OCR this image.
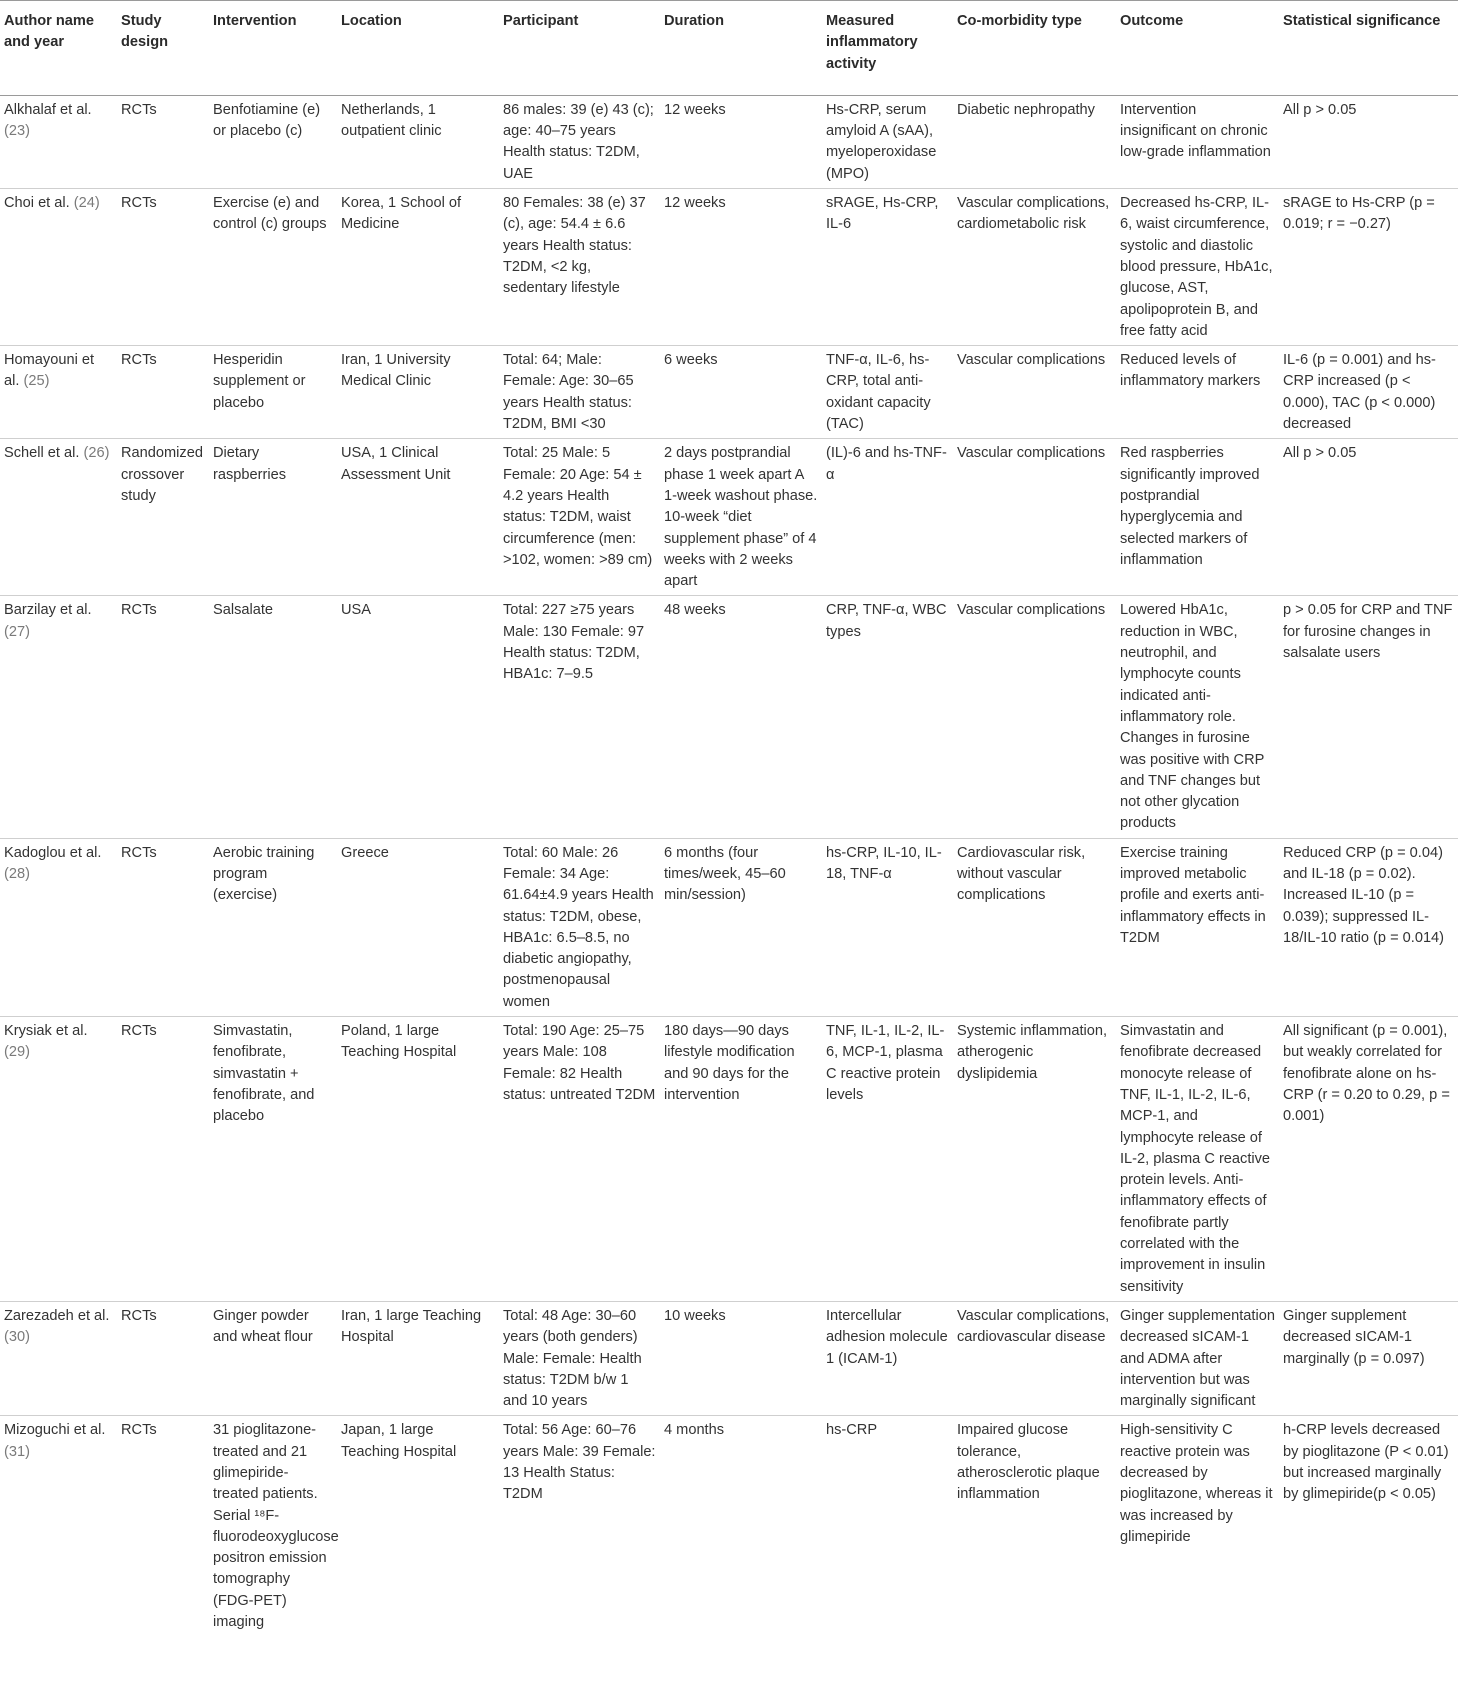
Author name and year	Study design	Intervention	Location	Participant	Duration	Measured inflammatory activity	Co-morbidity type	Outcome	Statistical significance
Alkhalaf et al. (23)	RCTs	Benfotiamine (e) or placebo (c)	Netherlands, 1 outpatient clinic	86 males: 39 (e) 43 (c); age: 40–75 years Health status: T2DM, UAE	12 weeks	Hs-CRP, serum amyloid A (sAA), myeloperoxidase (MPO)	Diabetic nephropathy	Intervention insignificant on chronic low-grade inflammation	All p > 0.05
Choi et al. (24)	RCTs	Exercise (e) and control (c) groups	Korea, 1 School of Medicine	80 Females: 38 (e) 37 (c), age: 54.4 ± 6.6 years Health status: T2DM, <2 kg, sedentary lifestyle	12 weeks	sRAGE, Hs-CRP, IL-6	Vascular complications, cardiometabolic risk	Decreased hs-CRP, IL-6, waist circumference, systolic and diastolic blood pressure, HbA1c, glucose, AST, apolipoprotein B, and free fatty acid	sRAGE to Hs-CRP (p = 0.019; r = −0.27)
Homayouni et al. (25)	RCTs	Hesperidin supplement or placebo	Iran, 1 University Medical Clinic	Total: 64; Male: Female: Age: 30–65 years Health status: T2DM, BMI <30	6 weeks	TNF-α, IL-6, hs-CRP, total anti-oxidant capacity (TAC)	Vascular complications	Reduced levels of inflammatory markers	IL-6 (p = 0.001) and hs-CRP increased (p < 0.000), TAC (p < 0.000) decreased
Schell et al. (26)	Randomized crossover study	Dietary raspberries	USA, 1 Clinical Assessment Unit	Total: 25 Male: 5 Female: 20 Age: 54 ± 4.2 years Health status: T2DM, waist circumference (men: >102, women: >89 cm)	2 days postprandial phase 1 week apart A 1-week washout phase. 10-week “diet supplement phase” of 4 weeks with 2 weeks apart	(IL)-6 and hs-TNF-α	Vascular complications	Red raspberries significantly improved postprandial hyperglycemia and selected markers of inflammation	All p > 0.05
Barzilay et al. (27)	RCTs	Salsalate	USA	Total: 227 ≥75 years Male: 130 Female: 97 Health status: T2DM, HBA1c: 7–9.5	48 weeks	CRP, TNF-α, WBC types	Vascular complications	Lowered HbA1c, reduction in WBC, neutrophil, and lymphocyte counts indicated anti-inflammatory role. Changes in furosine was positive with CRP and TNF changes but not other glycation products	p > 0.05 for CRP and TNF for furosine changes in salsalate users
Kadoglou et al. (28)	RCTs	Aerobic training program (exercise)	Greece	Total: 60 Male: 26 Female: 34 Age: 61.64±4.9 years Health status: T2DM, obese, HBA1c: 6.5–8.5, no diabetic angiopathy, postmenopausal women	6 months (four times/week, 45–60 min/session)	hs-CRP, IL-10, IL-18, TNF-α	Cardiovascular risk, without vascular complications	Exercise training improved metabolic profile and exerts anti-inflammatory effects in T2DM	Reduced CRP (p = 0.04) and IL-18 (p = 0.02). Increased IL-10 (p = 0.039); suppressed IL-18/IL-10 ratio (p = 0.014)
Krysiak et al. (29)	RCTs	Simvastatin, fenofibrate, simvastatin + fenofibrate, and placebo	Poland, 1 large Teaching Hospital	Total: 190 Age: 25–75 years Male: 108 Female: 82 Health status: untreated T2DM	180 days—90 days lifestyle modification and 90 days for the intervention	TNF, IL-1, IL-2, IL-6, MCP-1, plasma C reactive protein levels	Systemic inflammation, atherogenic dyslipidemia	Simvastatin and fenofibrate decreased monocyte release of TNF, IL-1, IL-2, IL-6, MCP-1, and lymphocyte release of IL-2, plasma C reactive protein levels. Anti-inflammatory effects of fenofibrate partly correlated with the improvement in insulin sensitivity	All significant (p = 0.001), but weakly correlated for fenofibrate alone on hs-CRP (r = 0.20 to 0.29, p = 0.001)
Zarezadeh et al. (30)	RCTs	Ginger powder and wheat flour	Iran, 1 large Teaching Hospital	Total: 48 Age: 30–60 years (both genders) Male: Female: Health status: T2DM b/w 1 and 10 years	10 weeks	Intercellular adhesion molecule 1 (ICAM-1)	Vascular complications, cardiovascular disease	Ginger supplementation decreased sICAM-1 and ADMA after intervention but was marginally significant	Ginger supplement decreased sICAM-1 marginally (p = 0.097)
Mizoguchi et al. (31)	RCTs	31 pioglitazone-treated and 21 glimepiride-treated patients. Serial ¹⁸F-fluorodeoxyglucose positron emission tomography (FDG-PET) imaging	Japan, 1 large Teaching Hospital	Total: 56 Age: 60–76 years Male: 39 Female: 13 Health Status: T2DM	4 months	hs-CRP	Impaired glucose tolerance, atherosclerotic plaque inflammation	High-sensitivity C reactive protein was decreased by pioglitazone, whereas it was increased by glimepiride	h-CRP levels decreased by pioglitazone (P < 0.01) but increased marginally by glimepiride(p < 0.05)
